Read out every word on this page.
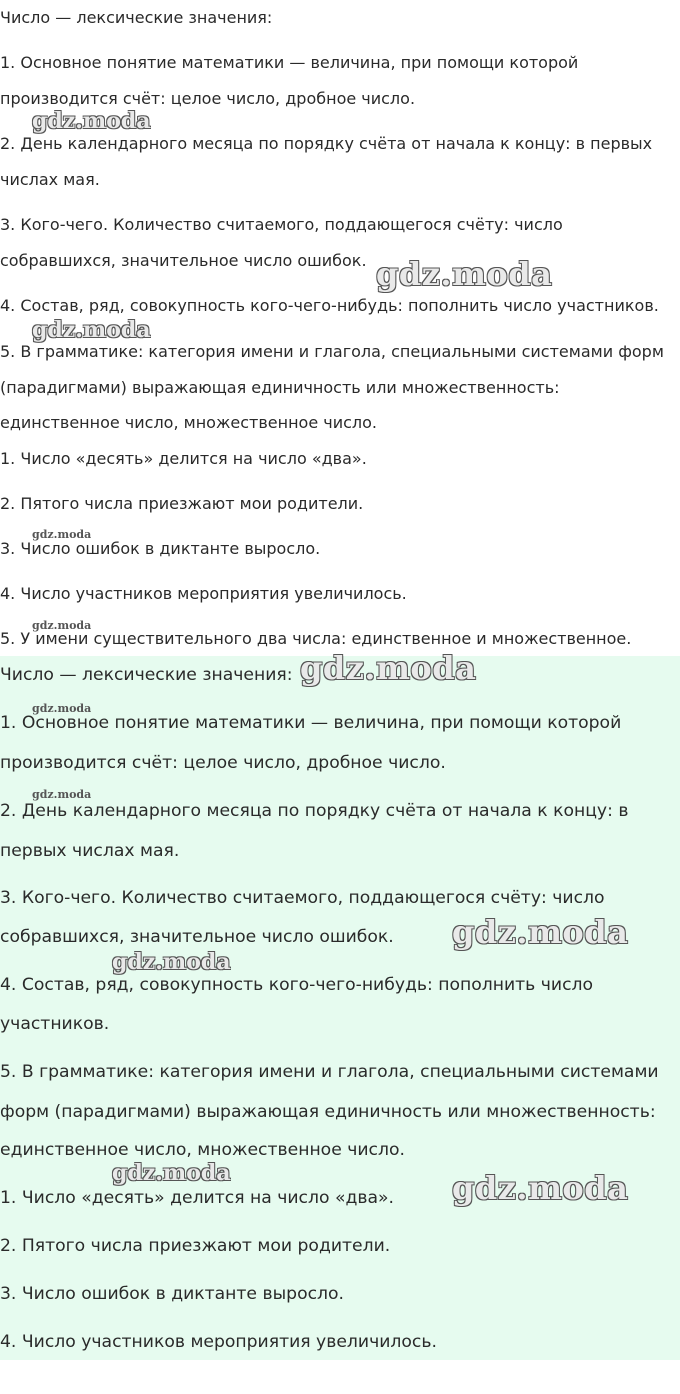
Число — лексические значения:

1. Основное понятие математики — величина, при помощи которой

производится счёт: целое число, дробное число.

2. День календарного месяца по порядку счёта от начала к концу: в первых

числах мая.

3. Кого-чего. Количество считаемого, поддающегося счёту: число

собравшихся, значительное число ошибок.

4. Состав, ряд, совокупность кого-чего-нибудь: пополнить число участников.

5. В грамматике: категория имени и глагола, специальными системами форм

(парадигмами) выражающая единичность или множественность:

единственное число, множественное число.

1. Число «десять» делится на число «два».

2. Пятого числа приезжают мои родители.

3. Число ошибок в диктанте выросло.

4. Число участников мероприятия увеличилось.

5. У имени существительного два числа: единственное и множественное.

Число — лексические значения:

1. Основное понятие математики — величина, при помощи которой

производится счёт: целое число, дробное число.

2. День календарного месяца по порядку счёта от начала к концу: в

первых числах мая.

3. Кого-чего. Количество считаемого, поддающегося счёту: число

собравшихся, значительное число ошибок.

4. Состав, ряд, совокупность кого-чего-нибудь: пополнить число

участников.

5. В грамматике: категория имени и глагола, специальными системами

форм (парадигмами) выражающая единичность или множественность:

единственное число, множественное число.

1. Число «десять» делится на число «два».

2. Пятого числа приезжают мои родители.

3. Число ошибок в диктанте выросло.

4. Число участников мероприятия увеличилось.

gdz.moda
gdz.moda
gdz.moda
gdz.moda
gdz.moda
gdz.moda
gdz.moda
gdz.moda
gdz.moda
gdz.moda
gdz.moda	gdz.moda
